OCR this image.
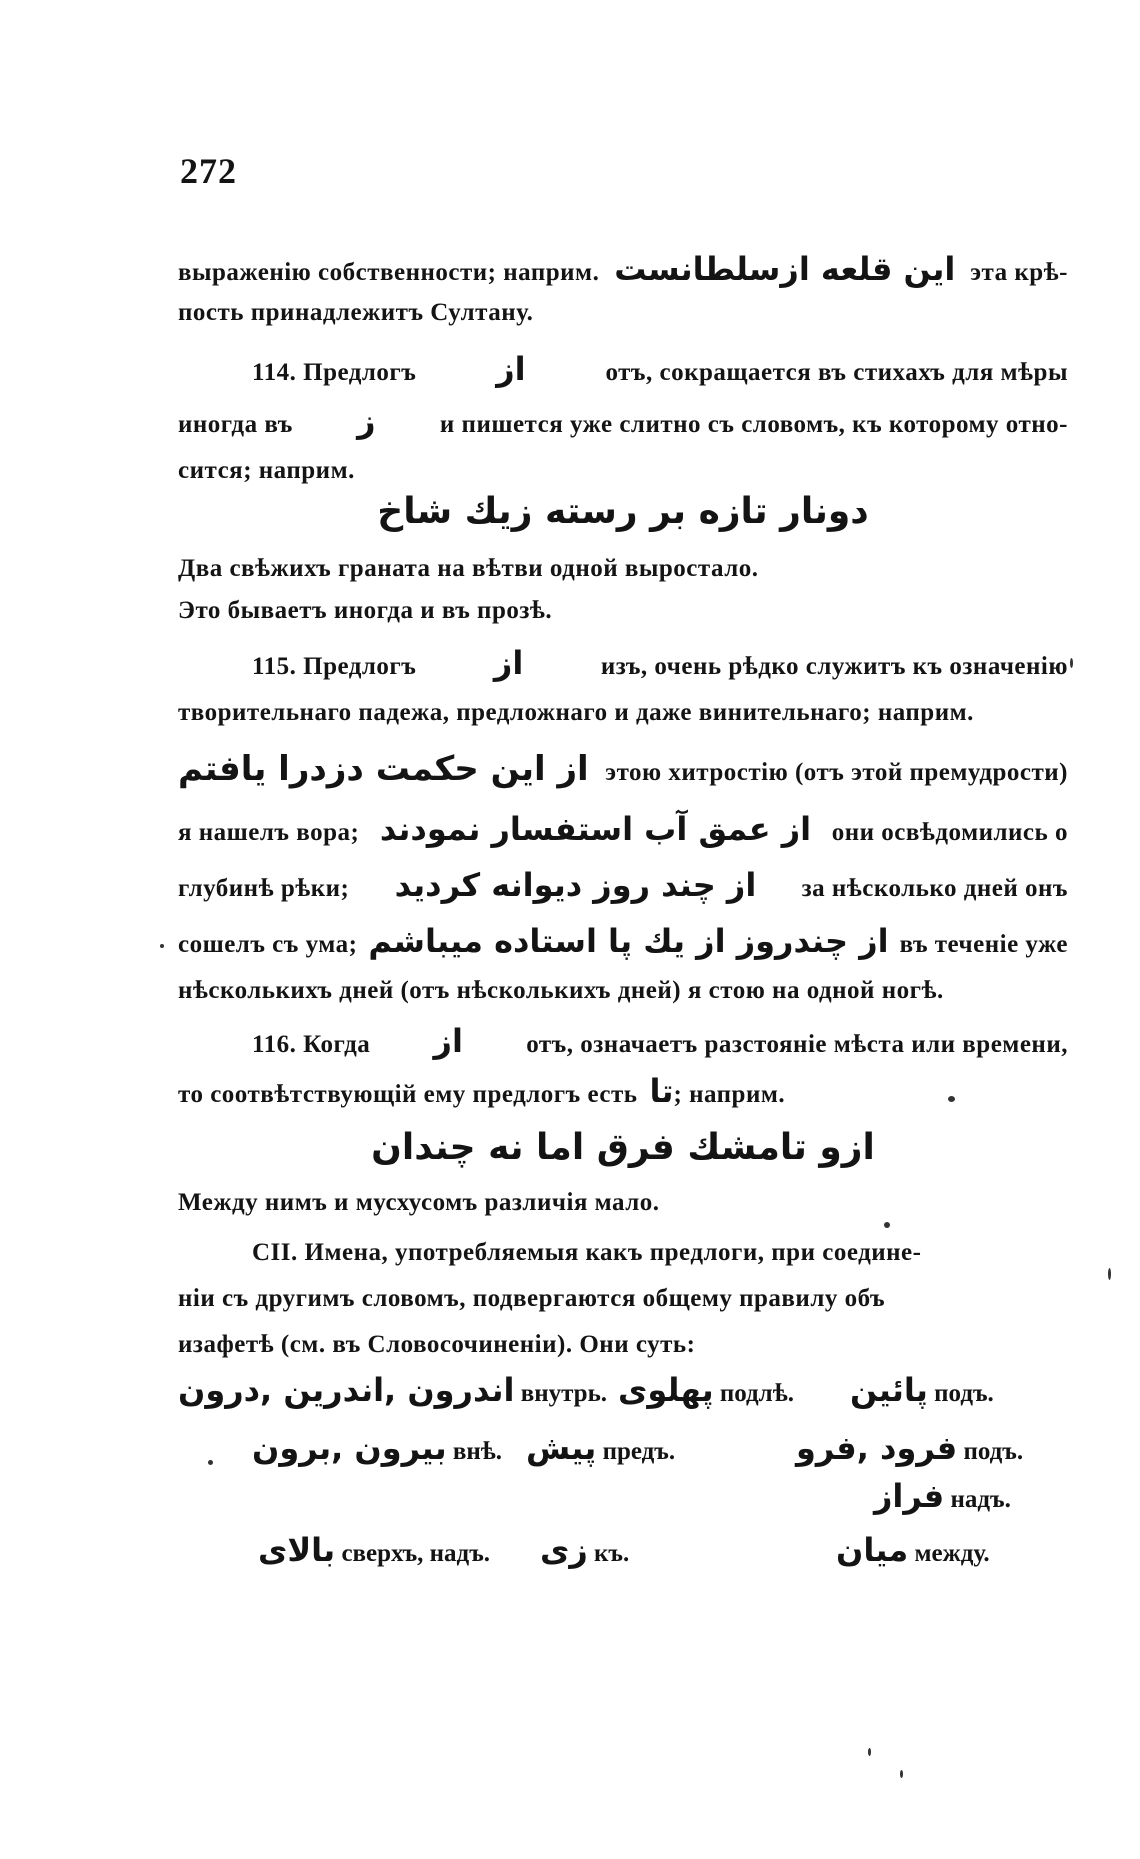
272
выраженію собственности; наприм. اين قلعه ازسلطانست эта крѣ-
пость принадлежитъ Султану.
114. Предлогъ از	отъ, сокращается въ стихахъ для мѣры
иногда въ ز	и пишется уже слитно съ словомъ, къ которому отно-
сится; наприм.
دونار تازه بر رسته زيك شاخ
Два свѣжихъ граната на вѣтви одной выростало.
Это бываетъ иногда и въ прозѣ.
115. Предлогъ از	изъ, очень рѣдко служитъ къ означенію
творительнаго падежа, предложнаго и даже винительнаго; наприм.
از اين حكمت دزدرا يافتم этою хитростію (отъ этой премудрости)
я нашелъ вора; از عمق آب استفسار نمودند они освѣдомились о
глубинѣ рѣки; از چند روز ديوانه كرديد за нѣсколько дней онъ
сошелъ съ ума; از چندروز از يك پا استاده ميباشم въ теченіе уже
нѣсколькихъ дней (отъ нѣсколькихъ дней) я стою на одной ногѣ.
116. Когда از	отъ, означаетъ разстояніе мѣста или времени,
то соотвѣтствующій ему предлогъ есть تا; наприм.
ازو تامشك فرق اما نه چندان
Между нимъ и мусхусомъ различія мало.
СII. Имена, употребляемыя какъ предлоги, при соедине-
ніи съ другимъ словомъ, подвергаются общему правилу объ
изафетѣ (см. въ Словосочиненіи). Они суть:
اندرون ,اندرين ,درون внутрь. پهلوى подлѣ. پائين подъ.
بيرون ,برون внѣ. پيش предъ.	فرود ,فرو подъ.
فراز надъ.
بالاى сверхъ, надъ. زى къ.	ميان между.
